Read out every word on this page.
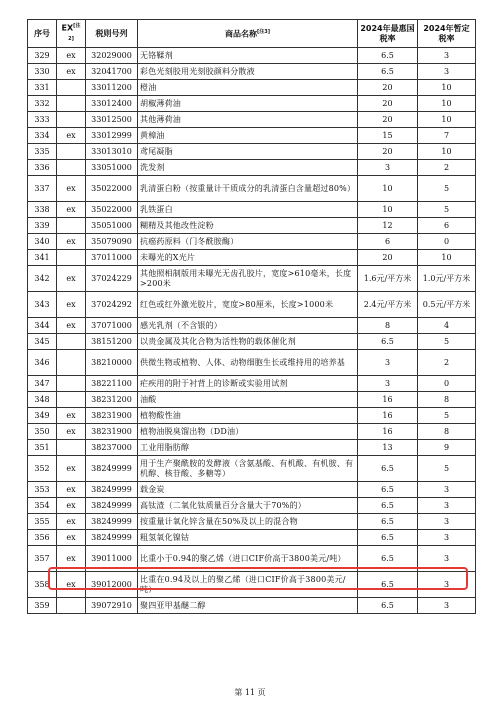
序号	EX[注2]	税则号列	商品名称[注3]	2024年最惠国税率	2024年暂定税率
329	ex	32029000	无铬鞣剂	6.5	3
330	ex	32041700	彩色光刻胶用光刻胶颜料分散液	6.5	3
331		33011200	橙油	20	10
332		33012400	胡椒薄荷油	20	10
333		33012500	其他薄荷油	20	10
334	ex	33012999	黄樟油	15	7
335		33013010	鸢尾凝脂	20	10
336		33051000	洗发剂	3	2
337	ex	35022000	乳清蛋白粉（按重量计干质成分的乳清蛋白含量超过80%）	10	5
338	ex	35022000	乳铁蛋白	10	5
339		35051000	糊精及其他改性淀粉	12	6
340	ex	35079090	抗癌药原料（门冬酰胺酶）	6	0
341		37011000	未曝光的X光片	20	10
342	ex	37024229	其他照相制版用未曝光无齿孔胶片，宽度>610毫米，长度>200米	1.6元/平方米	1.0元/平方米
343	ex	37024292	红色或红外激光胶片，宽度>80厘米，长度>1000米	2.4元/平方米	0.5元/平方米
344	ex	37071000	感光乳剂（不含银的）	8	4
345		38151200	以贵金属及其化合物为活性物的载体催化剂	6.5	5
346		38210000	供微生物或植物、人体、动物细胞生长或维持用的培养基	3	2
347		38221100	疟疾用的附于衬背上的诊断或实验用试剂	3	0
348		38231200	油酸	16	8
349	ex	38231900	植物酸性油	16	5
350	ex	38231900	植物油脱臭馏出物（DD油）	16	8
351		38237000	工业用脂肪醇	13	9
352	ex	38249999	用于生产聚酰胺的发酵液（含氨基酸、有机酸、有机胺、有机醇、核苷酸、多糖等）	6.5	5
353	ex	38249999	载金炭	6.5	3
354	ex	38249999	高钛渣（二氧化钛质量百分含量大于70%的）	6.5	3
355	ex	38249999	按重量计氧化锌含量在50%及以上的混合物	6.5	3
356	ex	38249999	粗氢氧化镍钴	6.5	3
357	ex	39011000	比重小于0.94的聚乙烯（进口CIF价高于3800美元/吨）	6.5	3
358	ex	39012000	比重在0.94及以上的聚乙烯（进口CIF价高于3800美元/吨）	6.5	3
359		39072910	聚四亚甲基醚二醇	6.5	3
第 11 页
